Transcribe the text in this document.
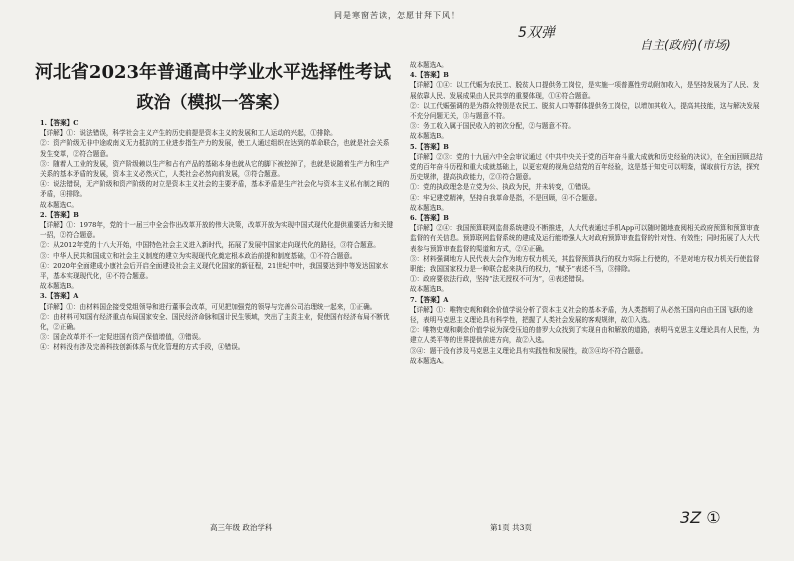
同是寒窗苦读，怎愿甘拜下风！
5双弹
自主(政府)(市场)
3Z ①
河北省2023年普通高中学业水平选择性考试
政治（模拟一答案）

1.【答案】C

【详解】①：说法错误，科学社会主义产生的历史前提是资本主义的发展和工人运动的兴起，①排除。

②：资产阶级无非中途或南义无力抵抗的工业进步指生产力的发展，使工人通过组织在达到的革命联合，也就是社会关系发生变革，②符合题意。

③：随着人工业的发展，资产阶级赖以生产和占有产品的基础本身也就从它的脚下被挖掉了，也就是说随着生产力和生产关系的基本矛盾的发展，资本主义必然灭亡，人类社会必然向前发展，③符合题意。

④：说法错误，无产阶级和资产阶级的对立是资本主义社会的主要矛盾，基本矛盾是生产社会化与资本主义私有制之间的矛盾，④排除。

故本题选C。

2.【答案】B

【详解】①：1978年，党的十一届三中全会作出改革开放的伟大决策，改革开放为实现中国式现代化提供重要活力和关键一招，②符合题意。

②：从2012年党的十八大开始，中国特色社会主义进入新时代，拓展了发展中国家走向现代化的路径，③符合题意。

③：中华人民共和国成立和社会主义制度的建立为实现现代化奠定根本政治前提和制度基础，①不符合题意。

④：2020年全面建成小康社会后开启全面建设社会主义现代化国家的新征程，21世纪中叶，我国要达到中等发达国家水平，基本实现现代化，④不符合题意。

故本题选B。

3.【答案】A

【详解】①：由材料国企接受党组领导和进行董事会改革，可见把加强党的领导与完善公司治理统一起来，①正确。

②：由材料可知国有经济重点布局国家安全、国民经济命脉和国计民生领域，突出了主责主业，促使国有经济布局不断优化，②正确。

③：国企改革并不一定促进国有资产保值增值，③错误。

④：材料没有涉及完善科技创新体系与优化管理的方式手段，④错误。

故本题选A。

4.【答案】B

【详解】①④：以工代赈为农民工、脱贫人口提供务工岗位，是实施一项普惠性劳动附加收入，是坚持发展为了人民、发展依靠人民、发展成果由人民共享的重要体现，①④符合题意。

②：以工代赈强调的是为群众特别是农民工、脱贫人口等群体提供务工岗位，以增加其收入，提高其技能，这与解决发展不充分问题无关，③与题意不符。

③：务工收入属于国民收入的初次分配，②与题意不符。

故本题选B。

5.【答案】B

【详解】②③：党的十九届六中全会审议通过《中共中央关于党的百年奋斗重大成就和历史经验的决议》，在全面回顾总结党的百年奋斗历程和重大成就基础上，以更宏观的视角总结党的百年经验，这是基于知史可以明鉴，谋取前行方法，探究历史规律，提高执政能力，②③符合题意。

①：党的执政理念是立党为公、执政为民，并未转变，①错误。

④：牢记建党精神，坚持自我革命是指，不是回顾，④不合题意。

故本题选B。

6.【答案】B

【详解】②④：我国预算联网监督系统建设不断推进，人大代表通过手机App可以随时随地查阅相关政府预算和预算审查监督的有关信息。预算联网监督系统的建成及运行能增强人大对政府预算审查监督的针对性、有效性；同时拓展了人大代表参与预算审查监督的渠道和方式，②④正确。

③：材料强调地方人民代表大会作为地方权力机关，其监督预算执行的权力实际上行使的，不是对地方权力机关行使监督职能；我国国家权力是一种联合起来执行的权力，“赋予”表述不当，③排除。

①：政府要依法行政，坚持“法无授权不可为”，④表述错误。

故本题选B。

7.【答案】A

【详解】①：唯物史观和剩余价值学说分析了资本主义社会的基本矛盾，为人类指明了从必然王国向自由王国飞跃的途径，表明马克思主义理论具有科学性，把握了人类社会发展的客观规律，故①入选。

②：唯物史观和剩余价值学说为深受压迫的普罗大众找到了实现自由和解放的道路，表明马克思主义理论具有人民性，为建立人类平等的世界提供前进方向，故②入选。

③④：题干没有涉及马克思主义理论具有实践性和发展性，故③④均不符合题意。

故本题选A。

高三年级 政治学科	第1页 共3页
